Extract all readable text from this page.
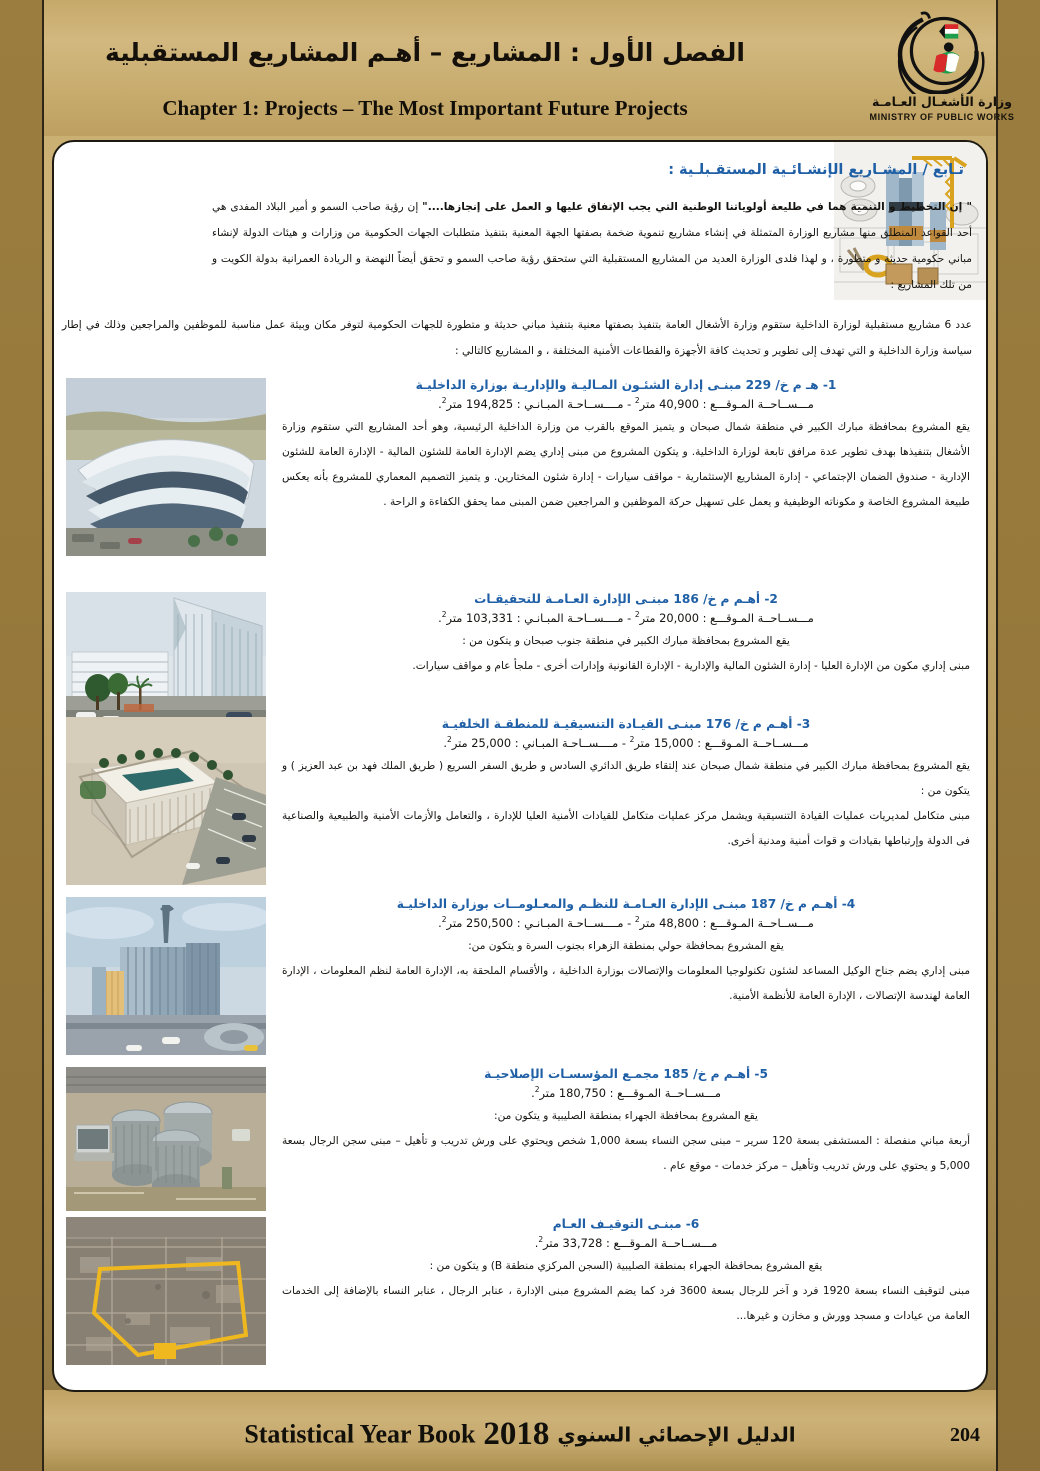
الفصل الأول : المشاريع – أهـم المشاريع المستقبلية
Chapter 1: Projects – The Most Important Future Projects	وزارة الأشغـال العـامـة
MINISTRY OF PUBLIC WORKS
تـابع / المشـاريع الإنشـائـية المستقـبلـية :
" إن التخطيط و التنمية هما في طليعة أولوياتنا الوطنية التي يجب الإتفاق عليها و العمل على إنجازها...." إن رؤية صاحب السمو و أمير البلاد المفدى هي أحد القواعد المنطلق منها مشاريع الوزارة المتمثلة في إنشاء مشاريع تنموية ضخمة بصفتها الجهة المعنية بتنفيذ متطلبات الجهات الحكومية من وزارات و هيئات الدولة لإنشاء مباني حكومية حديثة و متطورة ، و لهذا فلدى الوزارة العديد من المشاريع المستقبلية التي ستحقق رؤية صاحب السمو و تحقق أيضاً النهضة و الريادة العمرانية بدولة الكويت و من تلك المشاريع :
عدد 6 مشاريع مستقبلية لوزارة الداخلية ستقوم وزارة الأشغال العامة بتنفيذ بصفتها معنية بتنفيذ مباني حديثة و متطورة للجهات الحكومية لتوفر مكان وبيئة عمل مناسبة للموظفين والمراجعين وذلك في إطار سياسة وزارة الداخلية و التي تهدف إلى تطوير و تحديث كافة الأجهزة والقطاعات الأمنية المختلفة ، و المشاريع كالتالي :
1- هـ م خ/ 229 مبنـى إدارة الشئـون المـاليـة والإداريـة بوزارة الداخليـة
مـــســاحــة المـوقـــع : 40,900 متر$^2$ - مــــســاحـة المبـانـي : 194,825 متر$^2$.
يقع المشروع بمحافظة مبارك الكبير في منطقة شمال صبحان و يتميز الموقع بالقرب من وزارة الداخلية الرئيسية، وهو أحد المشاريع التي ستقوم وزارة الأشغال بتنفيذها بهدف تطوير عدة مرافق تابعة لوزارة الداخلية. و يتكون المشروع من مبنى إداري يضم الإدارة العامة للشئون المالية - الإدارة العامة للشئون الإدارية - صندوق الضمان الإجتماعي - إدارة المشاريع الإستثمارية - مواقف سيارات - إدارة شئون المختارين. و يتميز التصميم المعماري للمشروع بأنه يعكس طبيعة المشروع الخاصة و مكوناته الوظيفية و يعمل على تسهيل حركة الموظفين و المراجعين ضمن المبنى مما يحقق الكفاءة و الراحة .
2- أهـم م خ/ 186 مبنـى الإدارة العـامـة للتحقيقـات
مـــســاحــة المـوقـــع : 20,000 متر$^2$ - مــــســاحـة المبـانـي : 103,331 متر$^2$.
يقع المشروع بمحافظة مبارك الكبير في منطقة جنوب صبحان و يتكون من :
مبنى إداري مكون من الإدارة العليا - إدارة الشئون المالية والإدارية - الإدارة القانونية وإدارات أخرى - ملجأ عام و مواقف سيارات.
3- أهـم م خ/ 176 مبنـى القيـادة التنسيقيـة للمنطقـة الخلفيـة
مـــســاحــة المـوقـــع : 15,000 متر$^2$ - مــــســاحـة المبـاني : 25,000 متر$^2$.
يقع المشروع بمحافظة مبارك الكبير في منطقة شمال صبحان عند إلتقاء طريق الدائري السادس و طريق السفر السريع ( طريق الملك فهد بن عبد العزيز ) و يتكون من :
مبنى متكامل لمديريات عمليات القيادة التنسيقية ويشمل مركز عمليات متكامل للقيادات الأمنية العليا للإدارة ، والتعامل والأزمات الأمنية والطبيعية والصناعية فى الدولة وإرتباطها بقيادات و قوات أمنية ومدنية أخرى.
4- أهـم م خ/ 187 مبنـى الإدارة العـامـة للنظـم والمعـلومــات بوزارة الداخليـة
مـــســاحــة المـوقـــع : 48,800 متر$^2$ - مــــســاحـة المبـانـي : 250,500 متر$^2$.
يقع المشروع بمحافظة حولي بمنطقة الزهراء بجنوب السرة و يتكون من:
مبنى إداري يضم جناح الوكيل المساعد لشئون تكنولوجيا المعلومات والإتصالات بوزارة الداخلية ، والأقسام الملحقة به، الإدارة العامة لنظم المعلومات ، الإدارة العامة لهندسة الإتصالات ، الإدارة العامة للأنظمة الأمنية.
5- أهـم م خ/ 185 مجمـع المؤسسـات الإصلاحيـة
مـــســاحــة المـوقـــع : 180,750 متر$^2$.
يقع المشروع بمحافظة الجهراء بمنطقة الصليبية و يتكون من:
أربعة مباني منفصلة : المستشفى بسعة 120 سرير – مبنى سجن النساء بسعة 1,000 شخص ويحتوي على ورش تدريب و تأهيل – مبنى سجن الرجال بسعة 5,000 و يحتوي على ورش تدريب وتأهيل – مركز خدمات - موقع عام .
6- مبنـى التوقيـف العـام
مـــســاحــة المـوقـــع : 33,728 متر$^2$.
يقع المشروع بمحافظة الجهراء بمنطقة الصليبية (السجن المركزي منطقة B) و يتكون من :
مبنى لتوقيف النساء بسعة 1920 فرد و آخر للرجال بسعة 3600 فرد كما يضم المشروع مبنى الإدارة ، عنابر الرجال ، عنابر النساء بالإضافة إلى الخدمات العامة من عيادات و مسجد وورش و مخازن و غيرها...
Statistical Year Book 2018 الدليل الإحصائي السنوي	204
